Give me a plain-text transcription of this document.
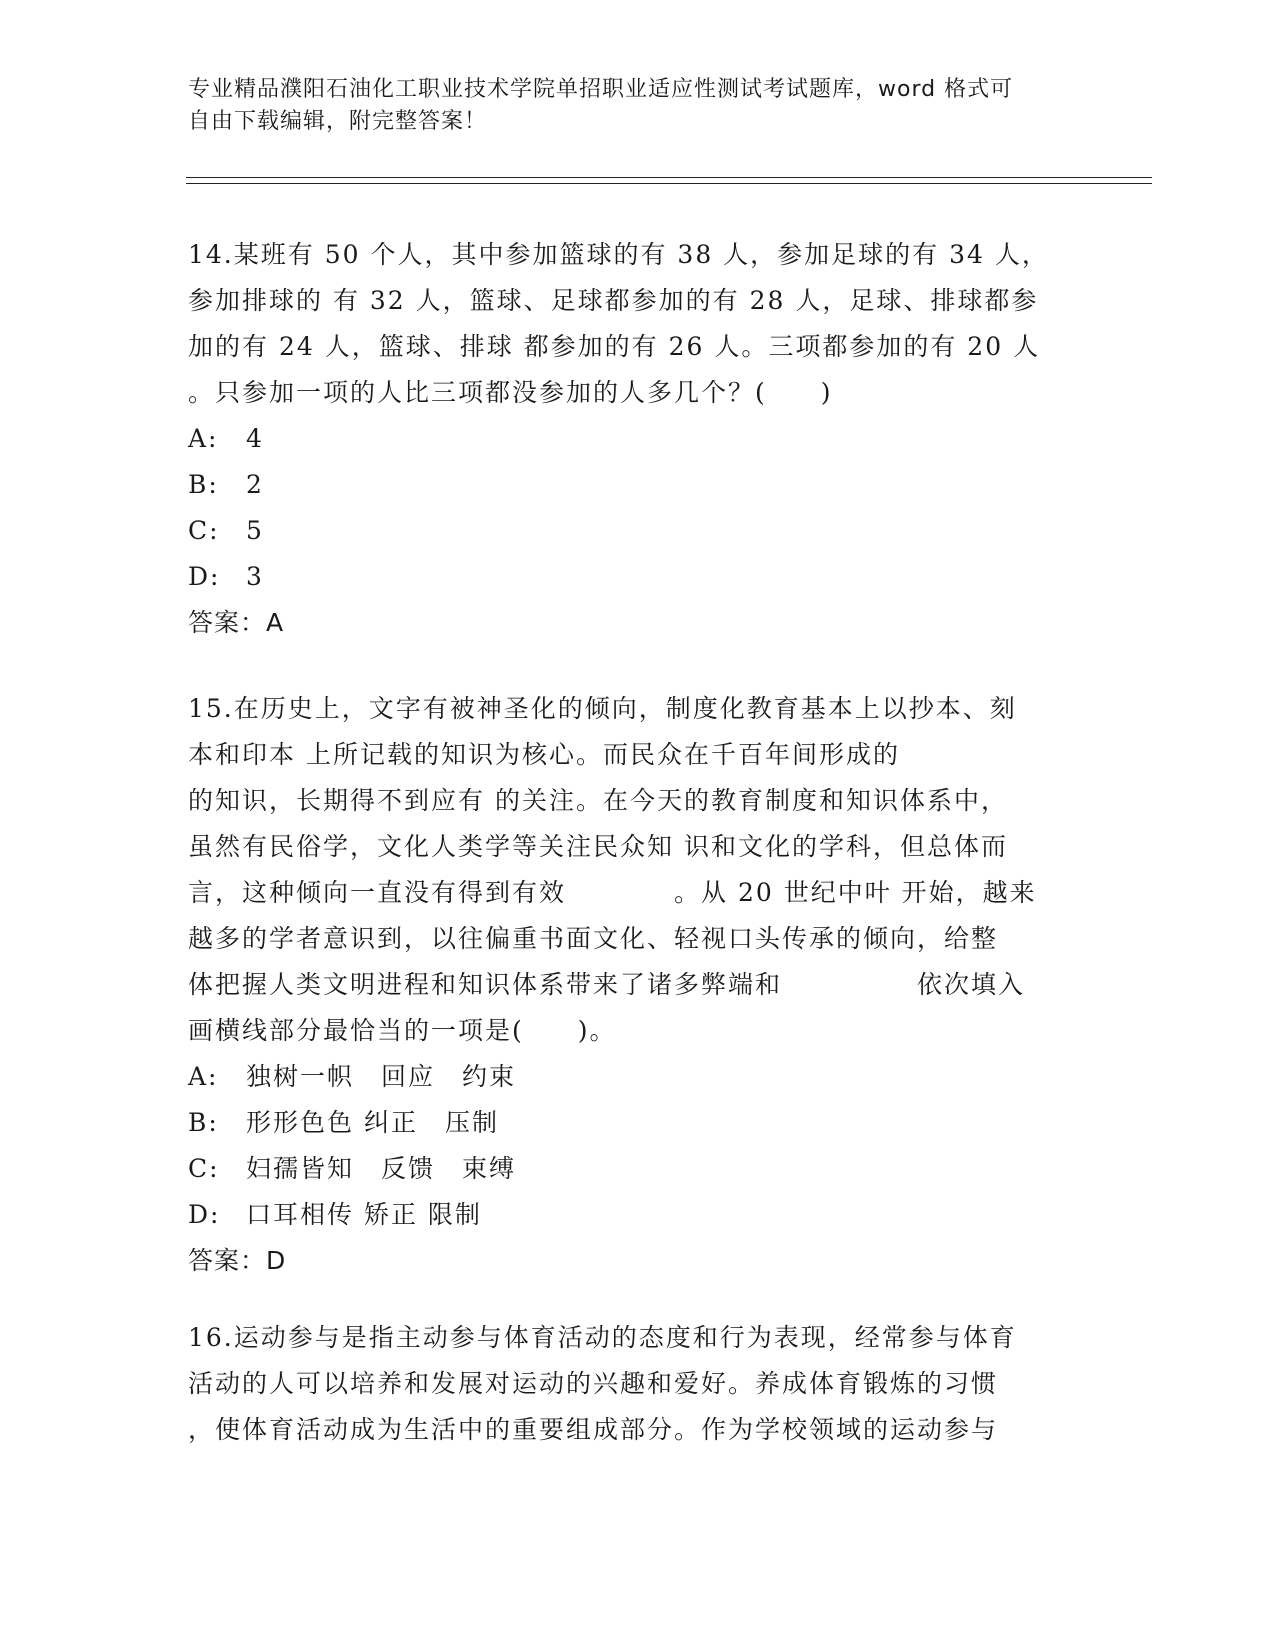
专业精品濮阳石油化工职业技术学院单招职业适应性测试考试题库，word 格式可
自由下载编辑，附完整答案！
14.某班有 50 个人，其中参加篮球的有 38 人，参加足球的有 34 人，
参加排球的 有 32 人，篮球、足球都参加的有 28 人，足球、排球都参
加的有 24 人，篮球、排球 都参加的有 26 人。三项都参加的有 20 人
。只参加一项的人比三项都没参加的人多几个？(　　)
A: 4
B: 2
C: 5
D: 3
答案：A
15.在历史上，文字有被神圣化的倾向，制度化教育基本上以抄本、刻
本和印本 上所记载的知识为核心。而民众在千百年间形成的
的知识，长期得不到应有 的关注。在今天的教育制度和知识体系中，
虽然有民俗学，文化人类学等关注民众知 识和文化的学科，但总体而
言，这种倾向一直没有得到有效　　　　。从 20 世纪中叶 开始，越来
越多的学者意识到，以往偏重书面文化、轻视口头传承的倾向，给整
体把握人类文明进程和知识体系带来了诸多弊端和　　　　　依次填入
画横线部分最恰当的一项是(　　)。
A: 独树一帜　回应　约束
B: 形形色色 纠正　压制
C: 妇孺皆知　反馈　束缚
D: 口耳相传 矫正 限制
答案：D
16.运动参与是指主动参与体育活动的态度和行为表现，经常参与体育
活动的人可以培养和发展对运动的兴趣和爱好。养成体育锻炼的习惯
，使体育活动成为生活中的重要组成部分。作为学校领域的运动参与
